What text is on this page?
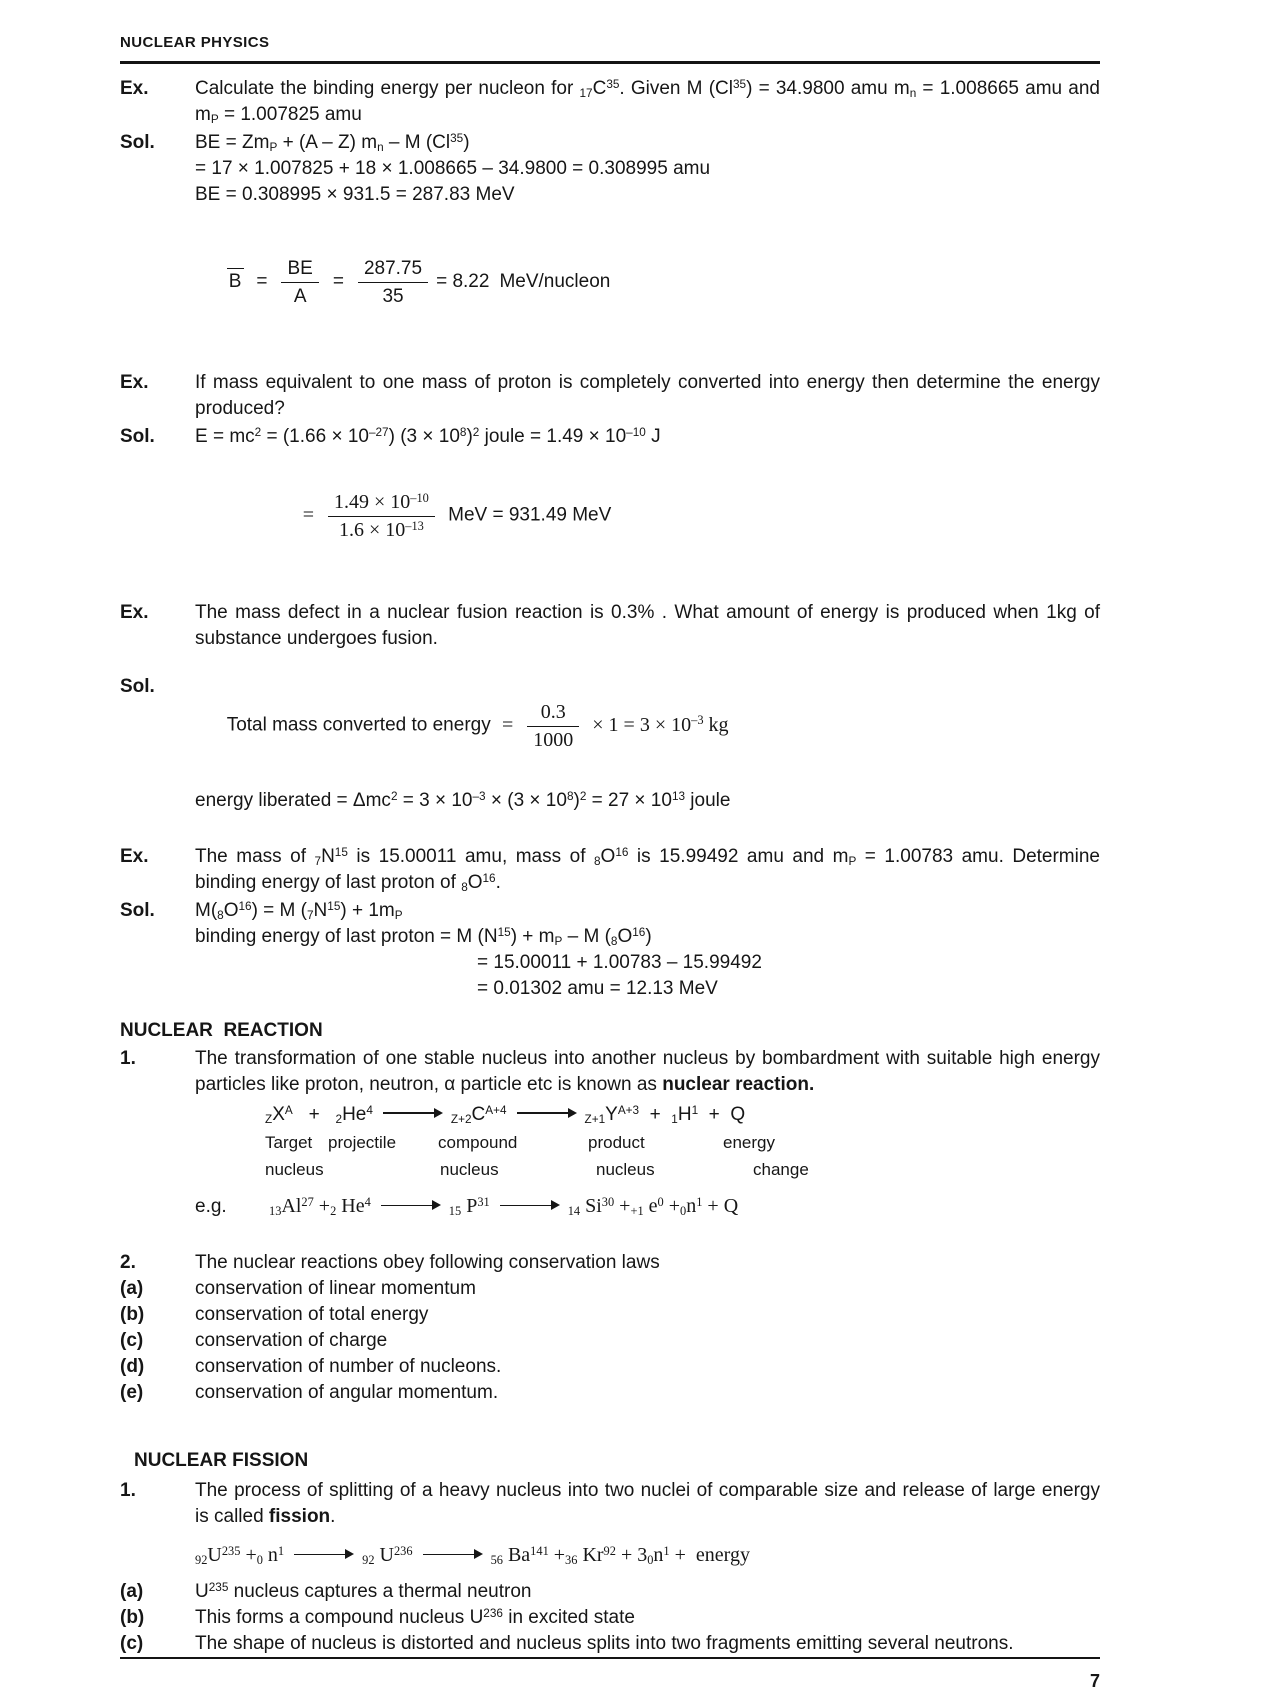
NUCLEAR PHYSICS
Ex.	Calculate the binding energy per nucleon for $_{17}C^{35}$. Given M $(Cl^{35}) = 34.9800$ amu $m_n = 1.008665$ amu and $m_P = 1.007825$ amu
Sol.	BE = $Zm_P + (A - Z)$ $m_n$ – M $(Cl^{35})$
= 17 × 1.007825 + 18 × 1.008665 – 34.9800 = 0.308995 amu
BE = 0.308995 × 931.5 = 287.83 MeV

$B = \frac{BE}{A} = \frac{287.75}{35} = 8.22$ MeV/nucleon

Ex.	If mass equivalent to one mass of proton is completely converted into energy then determine the energy produced?
Sol.	$E = mc^2 = (1.66 \times 10^{-27}) (3 \times 10^8)^2$ joule = $1.49 \times 10^{-10}$ J

= $\frac{1.49 \times 10^{-10}}{1.6 \times 10^{-13}}$ MeV = 931.49 MeV

Ex.	The mass defect in a nuclear fusion reaction is 0.3% . What amount of energy is produced when 1kg of substance undergoes fusion.
Sol.

Total mass converted to energy = $\frac{0.3}{1000} \times 1 = 3 \times 10^{-3}$ kg

energy liberated = $\Delta mc^2 = 3 \times 10^{-3} \times (3 \times 10^8)^2 = 27 \times 10^{13}$ joule
Ex.	The mass of $_7N^{15}$ is 15.00011 amu, mass of $_8O^{16}$ is 15.99492 amu and $m_P = 1.00783$ amu. Determine binding energy of last proton of $_8O^{16}$.
Sol.	$M(_8O^{16}) = M$ $(_7N^{15}) + 1m_P$
binding energy of last proton = M $(N^{15}) + m_P - M$ $(_8O^{16})$
= 15.00011 + 1.00783 – 15.99492
= 0.01302 amu = 12.13 MeV
NUCLEAR  REACTION
1.	The transformation of one stable nucleus into another nucleus by bombardment with suitable high energy particles like proton, neutron, α particle etc is known as nuclear reaction.
$_ZX^A + _2He^4_{Z+2}C^{A+4}_{Z+1}Y^{A+3} + _1H^1 + Q$
Target projectile compound	product	energy
nucleus	nucleus	nucleus	change
e.g.	$_{13}Al^{27} +_2$ $He^4_{15}$ $P^{31}_{14}$ $Si^{30} +_{+1}$ $e^0 +_0n^1 + Q$
2.	The nuclear reactions obey following conservation laws
(a)	conservation of linear momentum
(b)	conservation of total energy
(c)	conservation of charge
(d)	conservation of number of nucleons.
(e)	conservation of angular momentum.
NUCLEAR FISSION
1.	The process of splitting of a heavy nucleus into two nuclei of comparable size and release of large energy is called fission.
$_{92}U^{235} +_0$ $n^1_{92}$ $U^{236}_{56}$ $Ba^{141} +_{36}$ $Kr^{92} + 3_0n^1$ +  energy
(a)	$U^{235}$ nucleus captures a thermal neutron
(b)	This forms a compound nucleus $U^{236}$ in excited state
(c)	The shape of nucleus is distorted and nucleus splits into two fragments emitting several neutrons.
7
